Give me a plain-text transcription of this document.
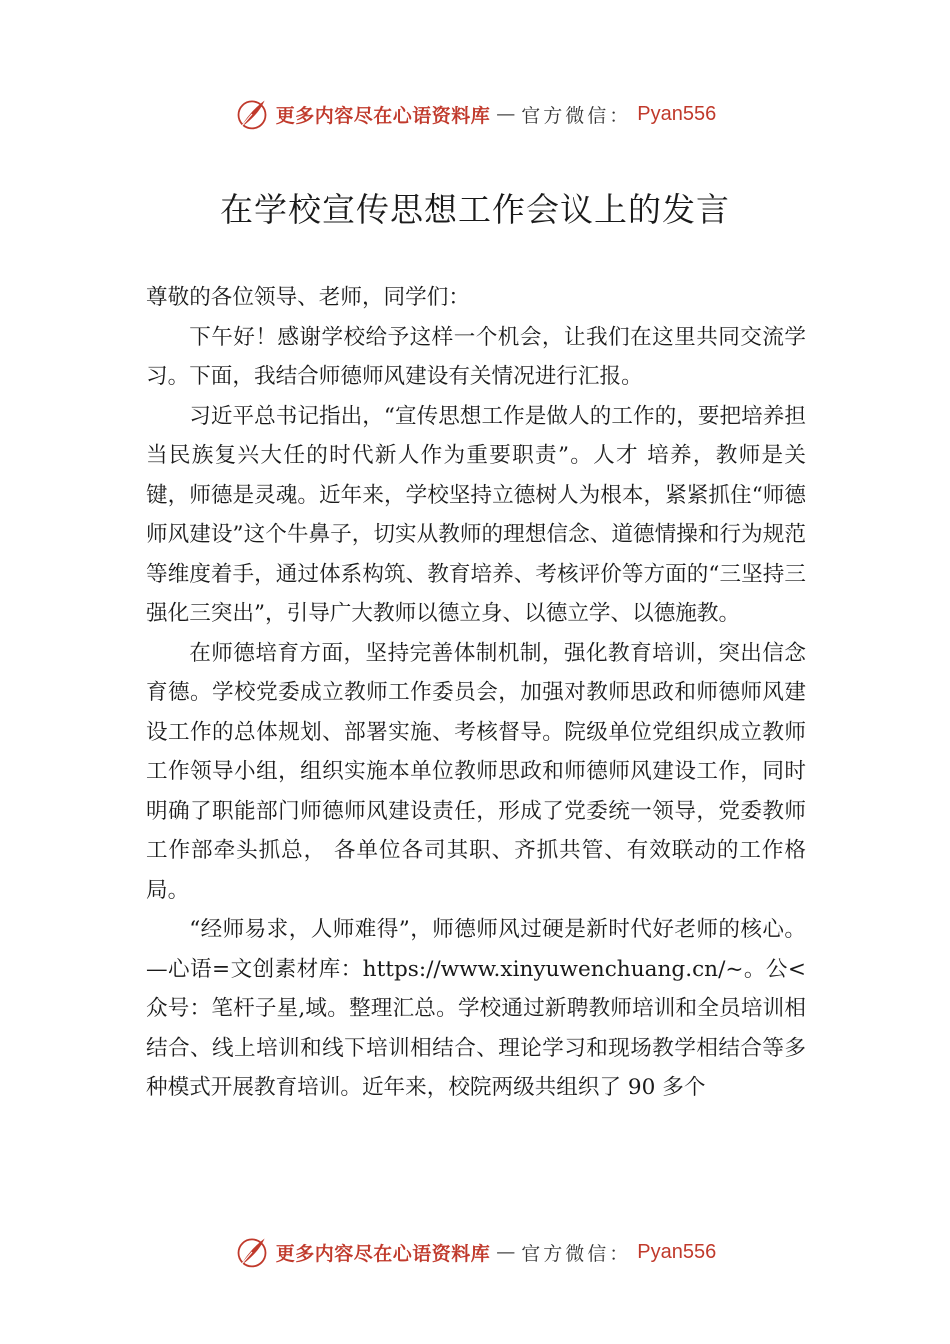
更多内容尽在心语资料库 — 官方微信： Pyan556
在学校宣传思想工作会议上的发言

尊敬的各位领导、老师，同学们：

下午好！感谢学校给予这样一个机会，让我们在这里共同交流学习。下面，我结合师德师风建设有关情况进行汇报。

习近平总书记指出，“宣传思想工作是做人的工作的，要把培养担当民族复兴大任的时代新人作为重要职责”。人才 培养，教师是关键，师德是灵魂。近年来，学校坚持立德树人为根本，紧紧抓住“师德师风建设”这个牛鼻子，切实从教师的理想信念、道德情操和行为规范等维度着手，通过体系构筑、教育培养、考核评价等方面的“三坚持三强化三突出”，引导广大教师以德立身、以德立学、以德施教。

在师德培育方面，坚持完善体制机制，强化教育培训，突出信念育德。学校党委成立教师工作委员会，加强对教师思政和师德师风建设工作的总体规划、部署实施、考核督导。院级单位党组织成立教师工作领导小组，组织实施本单位教师思政和师德师风建设工作，同时明确了职能部门师德师风建设责任，形成了党委统一领导，党委教师工作部牵头抓总， 各单位各司其职、齐抓共管、有效联动的工作格局。

“经师易求，人师难得”，师德师风过硬是新时代好老师的核心。—心语=文创素材库：https://www.xinyuwenchuang.cn/~。公<众号：笔杆子星,域。整理汇总。学校通过新聘教师培训和全员培训相结合、线上培训和线下培训相结合、理论学习和现场教学相结合等多种模式开展教育培训。近年来，校院两级共组织了 90 多个

更多内容尽在心语资料库 — 官方微信： Pyan556
